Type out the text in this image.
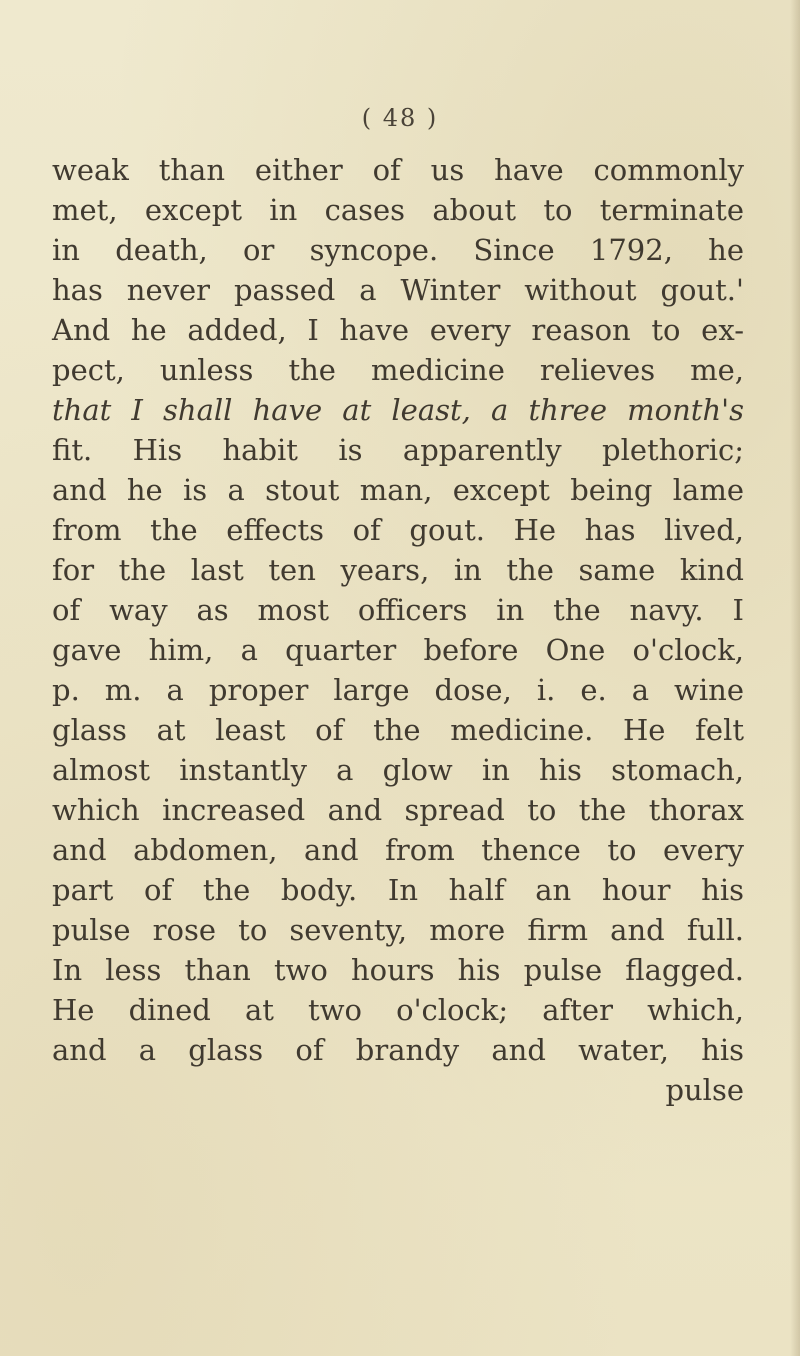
( 48 )
weak than either of us have commonly
met, except in cases about to terminate
in death, or syncope. Since 1792, he
has never passed a Winter without gout.'
And he added, I have every reason to ex-
pect, unless the medicine relieves me,
that I shall have at least, a three month's
fit. His habit is apparently plethoric;
and he is a stout man, except being lame
from the effects of gout. He has lived,
for the last ten years, in the same kind
of way as most officers in the navy. I
gave him, a quarter before One o'clock,
p. m. a proper large dose, i. e. a wine
glass at least of the medicine. He felt
almost instantly a glow in his stomach,
which increased and spread to the thorax
and abdomen, and from thence to every
part of the body. In half an hour his
pulse rose to seventy, more firm and full.
In less than two hours his pulse flagged.
He dined at two o'clock; after which,
and a glass of brandy and water, his
pulse
